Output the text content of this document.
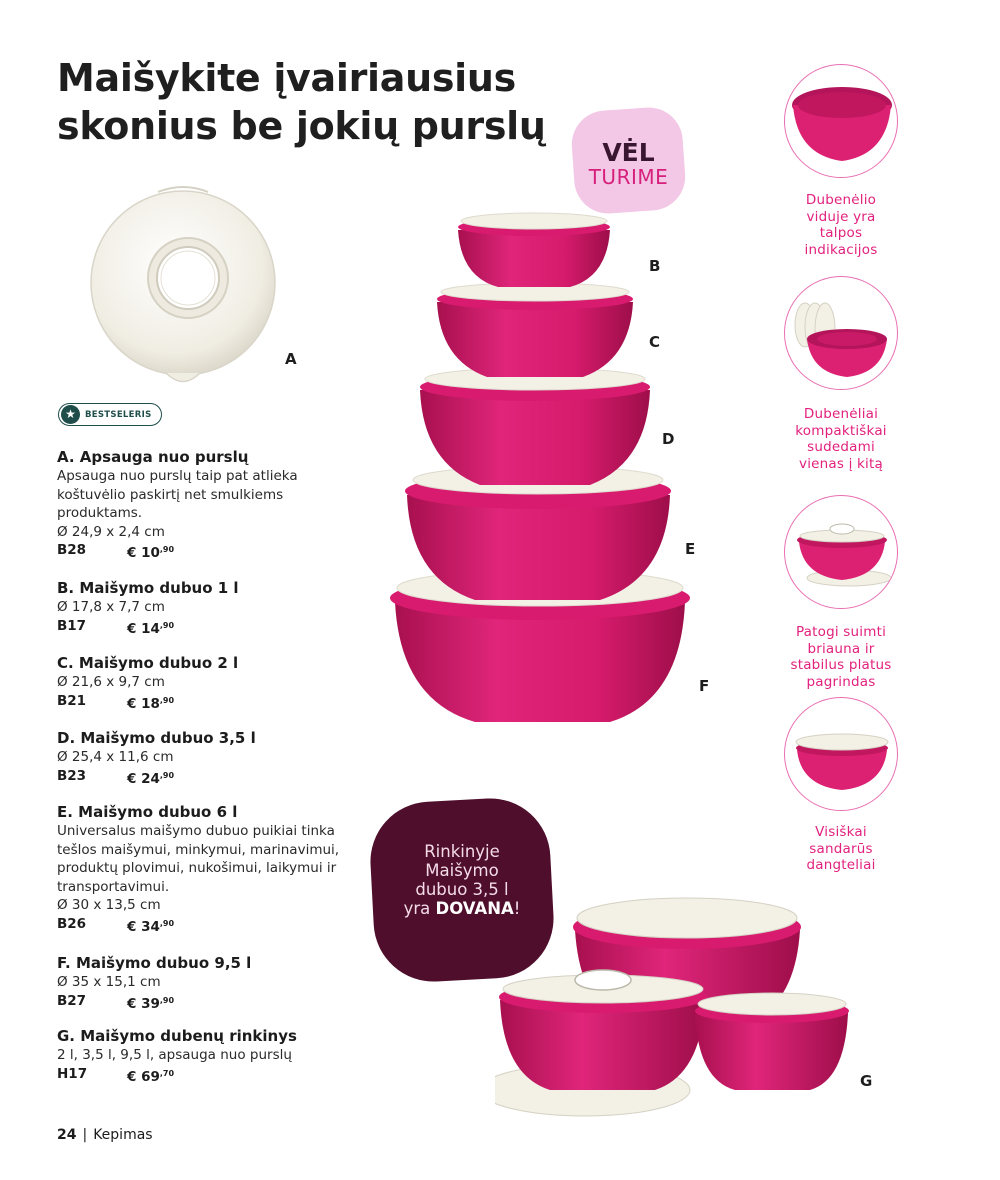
Maišykite įvairiausius
skonius be jokių purslų
VĖL
TURIME
A
B
C
D
E
F
★	BESTSELERIS
A. Apsauga nuo purslų
Apsauga nuo purslų taip pat atlieka koštuvėlio paskirtį net smulkiems produktams.
Ø 24,9 x 2,4 cm
B28	€ $10^{,90}$
B. Maišymo dubuo 1 l
Ø 17,8 x 7,7 cm
B17	€ $14^{,90}$
C. Maišymo dubuo 2 l
Ø 21,6 x 9,7 cm
B21	€ $18^{,90}$
D. Maišymo dubuo 3,5 l
Ø 25,4 x 11,6 cm
B23	€ $24^{,90}$
E. Maišymo dubuo 6 l
Universalus maišymo dubuo puikiai tinka tešlos maišymui, minkymui, marinavimui, produktų plovimui, nukošimui, laikymui ir transportavimui.
Ø 30 x 13,5 cm
B26	€ $34^{,90}$
F. Maišymo dubuo 9,5 l
Ø 35 x 15,1 cm
B27	€ $39^{,90}$
G. Maišymo dubenų rinkinys
2 l, 3,5 l, 9,5 l, apsauga nuo purslų
H17	€ $69^{,70}$
Dubenėlio
viduje yra
talpos
indikacijos
Dubenėliai
kompaktiškai
sudedami
vienas į kitą
Patogi suimti
briauna ir
stabilus platus
pagrindas
Visiškai
sandarūs
dangteliai
Rinkinyje
Maišymo
dubuo 3,5 l
yra DOVANA!
G
24 | Kepimas
